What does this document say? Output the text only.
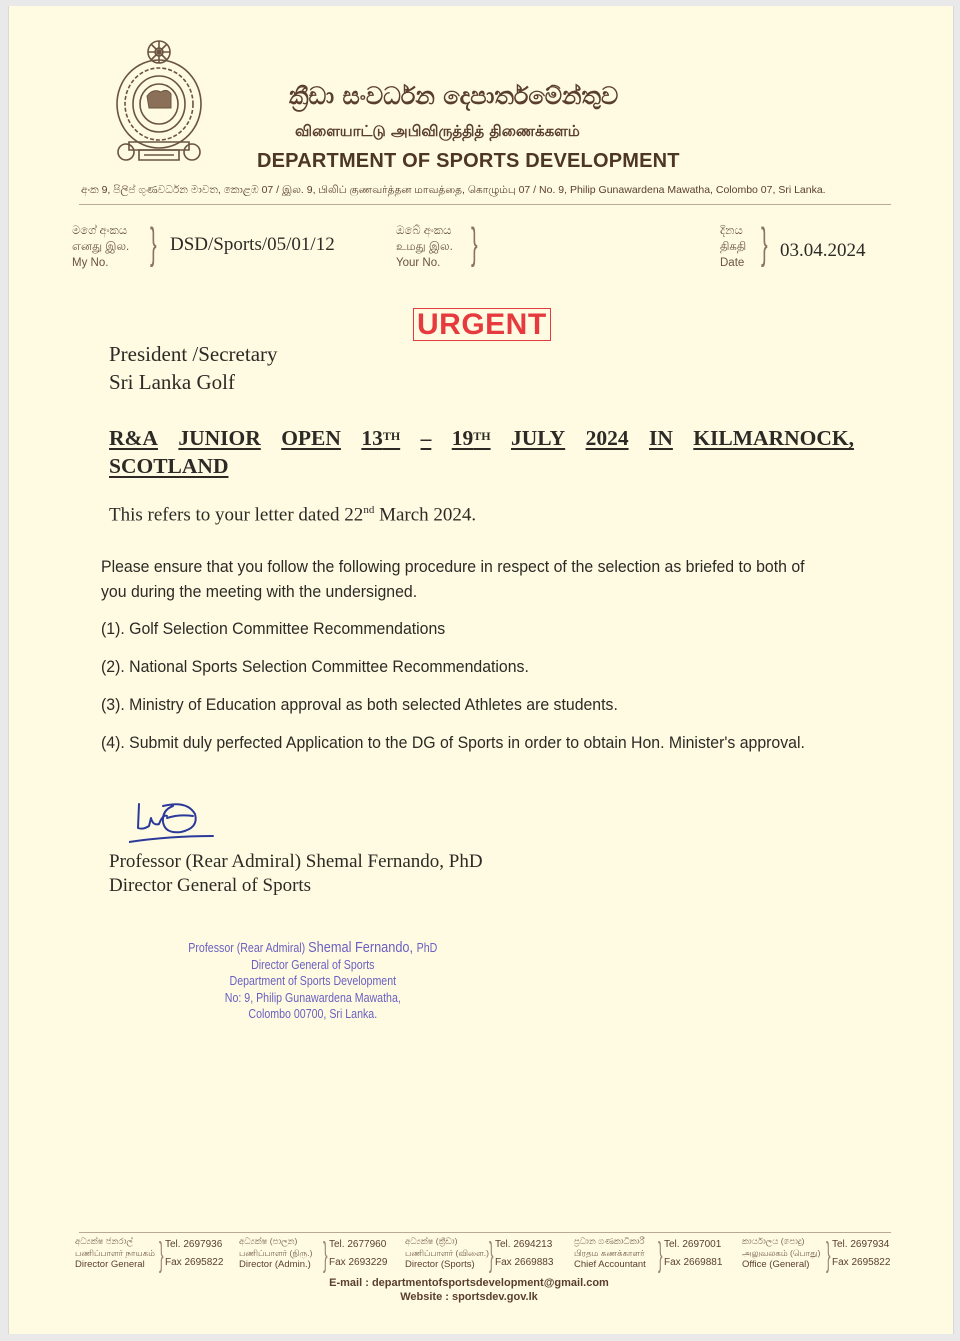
ක්‍රීඩා සංවර්ධන දෙපාර්තමේන්තුව
விளையாட்டு அபிவிருத்தித் திணைக்களம்
DEPARTMENT OF SPORTS DEVELOPMENT
අංක 9, පිලිප් ගුණවර්ධන මාවත, කොළඹ 07 / இல. 9, பிலிப் குணவர்த்தன மாவத்தை, கொழும்பு 07 / No. 9, Philip Gunawardena Mawatha, Colombo 07, Sri Lanka.
මගේ අංකය
எனது இல.
My No. } DSD/Sports/05/01/12
ඔබේ අංකය
உமது இல.
Your No. }	දිනය
திகதி
Date } 03.04.2024
URGENT
President /Secretary
Sri Lanka Golf
R&A JUNIOR OPEN 13TH – 19TH JULY 2024 IN KILMARNOCK,
SCOTLAND
This refers to your letter dated 22nd March 2024.
Please ensure that you follow the following procedure in respect of the selection as briefed to both of you during the meeting with the undersigned.
(1). Golf Selection Committee Recommendations
(2). National Sports Selection Committee Recommendations.
(3). Ministry of Education approval as both selected Athletes are students.
(4). Submit duly perfected Application to the DG of Sports in order to obtain Hon. Minister's approval.
Professor (Rear Admiral) Shemal Fernando, PhD
Director General of Sports
Professor (Rear Admiral) Shemal Fernando, PhD
Director General of Sports
Department of Sports Development
No: 9, Philip Gunawardena Mawatha,
Colombo 00700, Sri Lanka.
අධ්‍යක්ෂ ජනරාල්
பணிப்பாளர் நாயகம்
Director General } Tel. 2697936
Fax 2695822
අධ්‍යක්ෂ (පාලන)
பணிப்பாளர் (நிரு.)
Director (Admin.) } Tel. 2677960
Fax 2693229
අධ්‍යක්ෂ (ක්‍රීඩා)
பணிப்பாளர் (விளை.)
Director (Sports) } Tel. 2694213
Fax 2669883
ප්‍රධාන ගණකාධිකාරී
பிரதம கணக்காளர்
Chief Accountant } Tel. 2697001
Fax 2669881
කාර්යාලය (පොදු)
அலுவலகம் (பொது)
Office (General) } Tel. 2697934
Fax 2695822
E-mail : departmentofsportsdevelopment@gmail.com
Website : sportsdev.gov.lk
